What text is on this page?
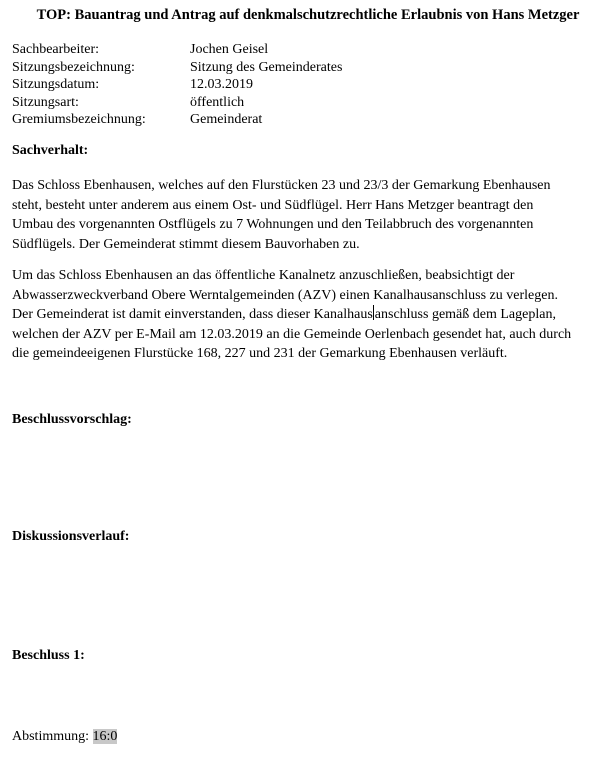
TOP: Bauantrag und Antrag auf denkmalschutzrechtliche Erlaubnis von Hans Metzger
Sachbearbeiter:	Jochen Geisel
Sitzungsbezeichnung:	Sitzung des Gemeinderates
Sitzungsdatum:	12.03.2019
Sitzungsart:	öffentlich
Gremiumsbezeichnung:	Gemeinderat
Sachverhalt:
Das Schloss Ebenhausen, welches auf den Flurstücken 23 und 23/3 der Gemarkung Ebenhausen
steht, besteht unter anderem aus einem Ost- und Südflügel. Herr Hans Metzger beantragt den
Umbau des vorgenannten Ostflügels zu 7 Wohnungen und den Teilabbruch des vorgenannten
Südflügels. Der Gemeinderat stimmt diesem Bauvorhaben zu.
Um das Schloss Ebenhausen an das öffentliche Kanalnetz anzuschließen, beabsichtigt der
Abwasserzweckverband Obere Werntalgemeinden (AZV) einen Kanalhausanschluss zu verlegen.
Der Gemeinderat ist damit einverstanden, dass dieser Kanalhaus anschluss gemäß dem Lageplan,
welchen der AZV per E-Mail am 12.03.2019 an die Gemeinde Oerlenbach gesendet hat, auch durch
die gemeindeeigenen Flurstücke 168, 227 und 231 der Gemarkung Ebenhausen verläuft.
Beschlussvorschlag:
Diskussionsverlauf:
Beschluss 1:
Abstimmung: 16:0
